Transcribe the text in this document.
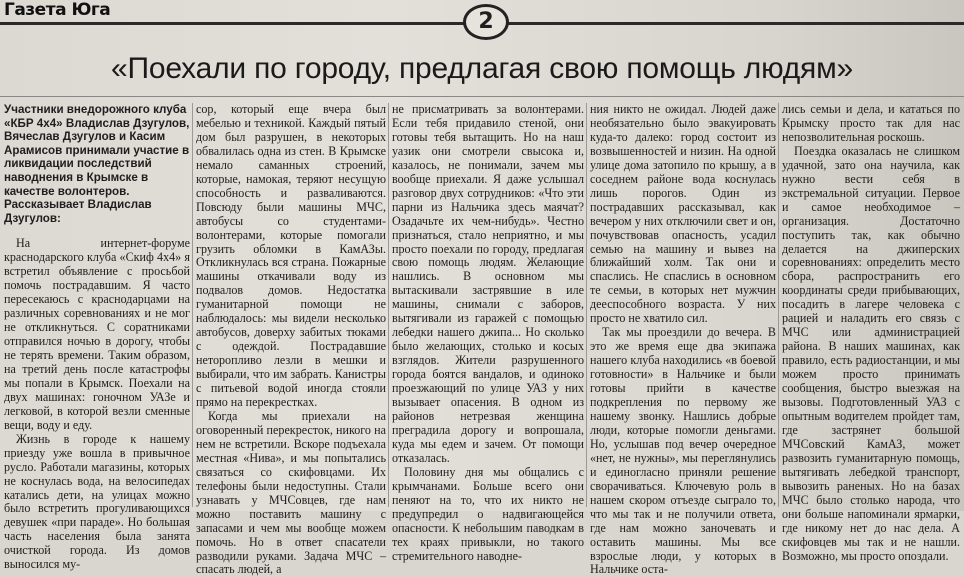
Газета Юга	2
«Поехали по городу, предлагая свою помощь людям»

Участники внедорожного клуба «КБР 4х4» Владислав Дзугулов, Вячеслав Дзугулов и Касим Арамисов принимали участие в ликвидации последствий наводнения в Крымске в качестве волонтеров. Рассказывает Владислав Дзугулов:

На интернет-форуме краснодарского клуба «Скиф 4х4» я встретил объявление с просьбой помочь пострадавшим. Я часто пересекаюсь с краснодарцами на различных соревнованиях и не мог не откликнуться. С соратниками отправился ночью в дорогу, чтобы не терять времени. Таким образом, на третий день после катастрофы мы попали в Крымск. Поехали на двух машинах: гоночном УАЗе и легковой, в которой везли сменные вещи, воду и еду.

Жизнь в городе к нашему приезду уже вошла в привычное русло. Работали магазины, которых не коснулась вода, на велосипедах катались дети, на улицах можно было встретить прогуливающихся девушек «при параде». Но большая часть населения была занята очисткой города. Из домов выносился му-

сор, который еще вчера был мебелью и техникой. Каждый пятый дом был разрушен, в некоторых обвалилась одна из стен. В Крымске немало саманных строений, которые, намокая, теряют несущую способность и разваливаются. Повсюду были машины МЧС, автобусы со студентами-волонтерами, которые помогали грузить обломки в КамАЗы. Откликнулась вся страна. Пожарные машины откачивали воду из подвалов домов. Недостатка гуманитарной помощи не наблюдалось: мы видели несколько автобусов, доверху забитых тюками с одеждой. Пострадавшие неторопливо лезли в мешки и выбирали, что им забрать. Канистры с питьевой водой иногда стояли прямо на перекрестках.

Когда мы приехали на оговоренный перекресток, никого на нем не встретили. Вскоре подъехала местная «Нива», и мы попытались связаться со скифовцами. Их телефоны были недоступны. Стали узнавать у МЧСовцев, где нам можно поставить машину с запасами и чем мы вообще можем помочь. Но в ответ спасатели разводили руками. Задача МЧС – спасать людей, а

не присматривать за волонтерами. Если тебя придавило стеной, они готовы тебя вытащить. Но на наш уазик они смотрели свысока и, казалось, не понимали, зачем мы вообще приехали. Я даже услышал разговор двух сотрудников: «Что эти парни из Нальчика здесь маячат? Озадачьте их чем-нибудь». Честно признаться, стало неприятно, и мы просто поехали по городу, предлагая свою помощь людям. Желающие нашлись. В основном мы вытаскивали застрявшие в иле машины, снимали с заборов, вытягивали из гаражей с помощью лебедки нашего джипа... Но сколько было желающих, столько и косых взглядов. Жители разрушенного города боятся вандалов, и одиноко проезжающий по улице УАЗ у них вызывает опасения. В одном из районов нетрезвая женщина преградила дорогу и вопрошала, куда мы едем и зачем. От помощи отказалась.

Половину дня мы общались с крымчанами. Больше всего они пеняют на то, что их никто не предупредил о надвигающейся опасности. К небольшим паводкам в тех краях привыкли, но такого стремительного наводне-

ния никто не ожидал. Людей даже необязательно было эвакуировать куда-то далеко: город состоит из возвышенностей и низин. На одной улице дома затопило по крышу, а в соседнем районе вода коснулась лишь порогов. Один из пострадавших рассказывал, как вечером у них отключили свет и он, почувствовав опасность, усадил семью на машину и вывез на ближайший холм. Так они и спаслись. Не спаслись в основном те семьи, в которых нет мужчин дееспособного возраста. У них просто не хватило сил.

Так мы проездили до вечера. В это же время еще два экипажа нашего клуба находились «в боевой готовности» в Нальчике и были готовы прийти в качестве подкрепления по первому же нашему звонку. Нашлись добрые люди, которые помогли деньгами. Но, услышав под вечер очередное «нет, не нужны», мы переглянулись и единогласно приняли решение сворачиваться. Ключевую роль в нашем скором отъезде сыграло то, что мы так и не получили ответа, где нам можно заночевать и оставить машины. Мы все взрослые люди, у которых в Нальчике оста-

лись семьи и дела, и кататься по Крымску просто так для нас непозволительная роскошь.

Поездка оказалась не слишком удачной, зато она научила, как нужно вести себя в экстремальной ситуации. Первое и самое необходимое – организация. Достаточно поступить так, как обычно делается на джиперских соревнованиях: определить место сбора, распространить его координаты среди прибывающих, посадить в лагере человека с рацией и наладить его связь с МЧС или администрацией района. В наших машинах, как правило, есть радиостанции, и мы можем просто принимать сообщения, быстро выезжая на вызовы. Подготовленный УАЗ с опытным водителем пройдет там, где застрянет большой МЧСовский КамАЗ, может развозить гуманитарную помощь, вытягивать лебедкой транспорт, вывозить раненых. Но на базах МЧС было столько народа, что они больше напоминали ярмарки, где никому нет до нас дела. А скифовцев мы так и не нашли. Возможно, мы просто опоздали.
